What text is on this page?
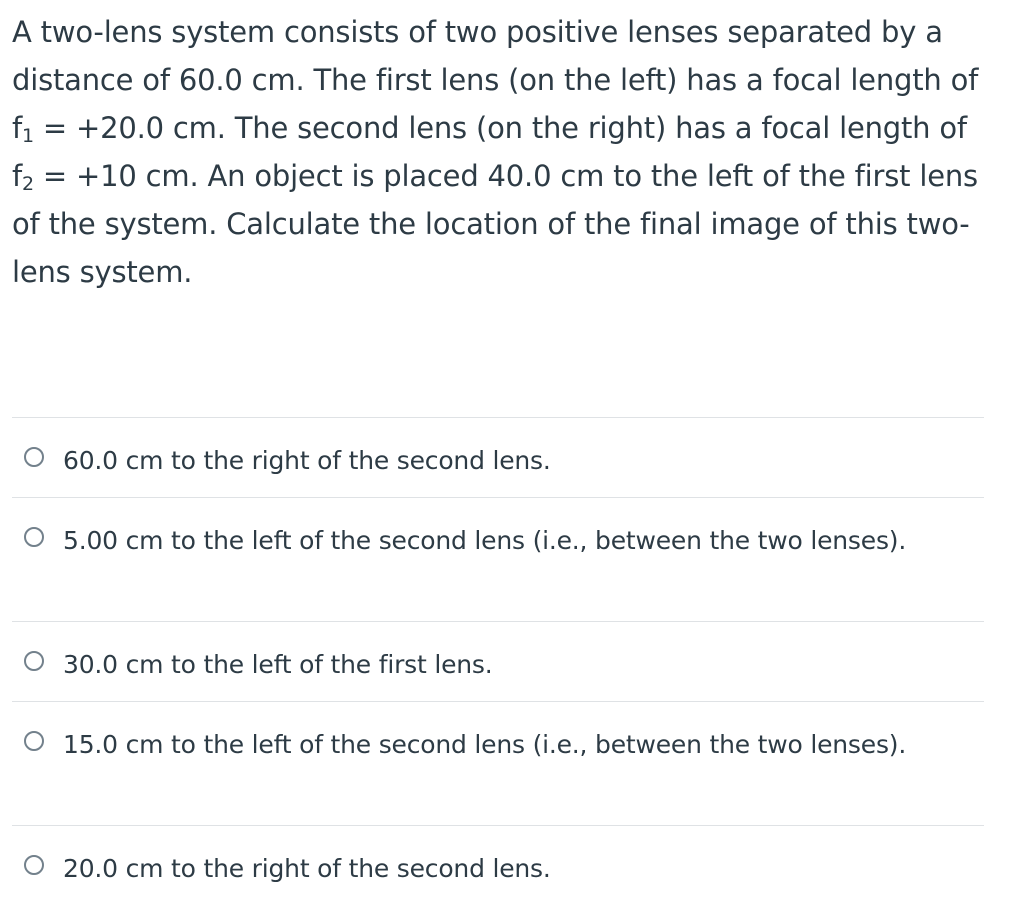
A two-lens system consists of two positive lenses separated by a distance of 60.0 cm. The first lens (on the left) has a focal length of $f_1 = +20.0$ cm. The second lens (on the right) has a focal length of $f_2 = +10$ cm. An object is placed 40.0 cm to the left of the first lens of the system. Calculate the location of the final image of this two-lens system.
60.0 cm to the right of the second lens.
5.00 cm to the left of the second lens (i.e., between the two lenses).
30.0 cm to the left of the first lens.
15.0 cm to the left of the second lens (i.e., between the two lenses).
20.0 cm to the right of the second lens.
